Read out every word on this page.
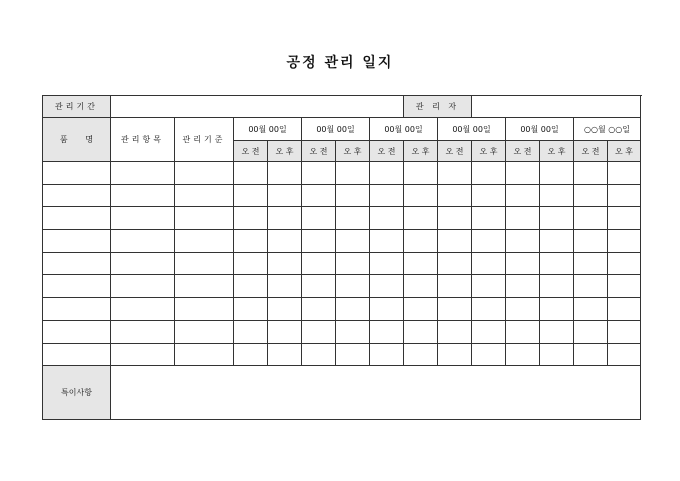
공정 관리 일지
관리기간								관 리 자						
품       명	관리항목	관리기준	00월 00일		00월 00일		00월 00일		00월 00일		00월 00일		○○월 ○○일	
			오 전	오 후	오 전	오 후	오 전	오 후	오 전	오 후	오 전	오 후	오 전	오 후

특이사항														
